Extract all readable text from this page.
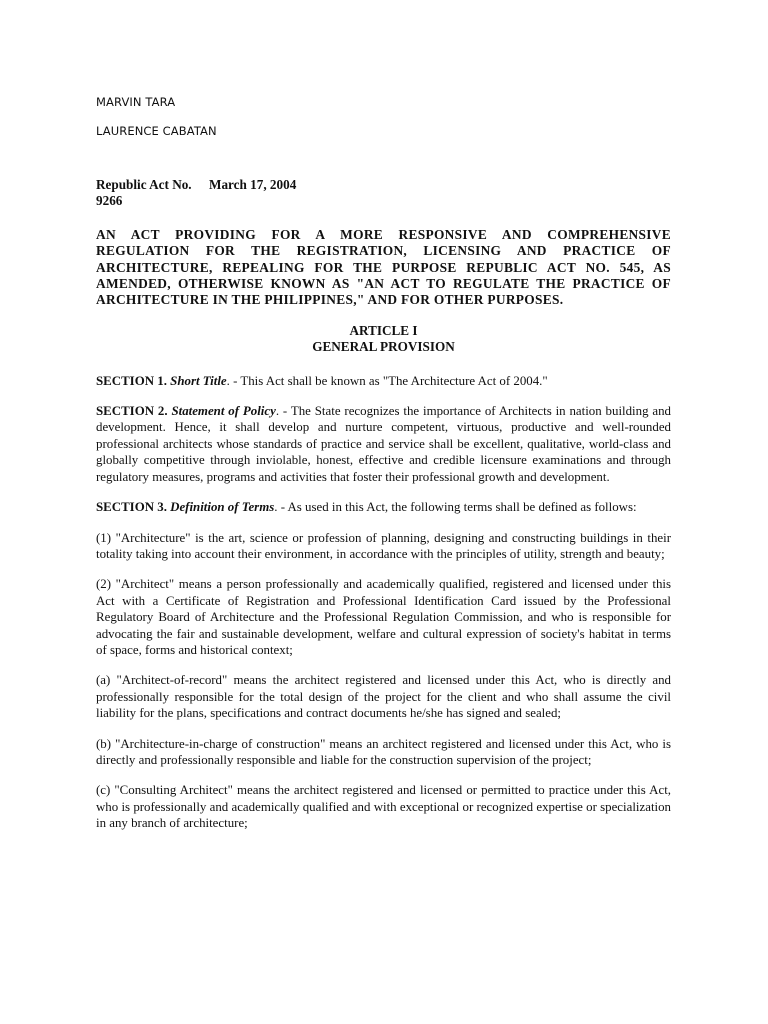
MARVIN TARA
LAURENCE CABATAN
Republic Act No. 9266
March 17, 2004
AN ACT PROVIDING FOR A MORE RESPONSIVE AND COMPREHENSIVE REGULATION FOR THE REGISTRATION, LICENSING AND PRACTICE OF ARCHITECTURE, REPEALING FOR THE PURPOSE REPUBLIC ACT NO. 545, AS AMENDED, OTHERWISE KNOWN AS "AN ACT TO REGULATE THE PRACTICE OF ARCHITECTURE IN THE PHILIPPINES," AND FOR OTHER PURPOSES.
ARTICLE I
GENERAL PROVISION

SECTION 1. Short Title. - This Act shall be known as "The Architecture Act of 2004."

SECTION 2. Statement of Policy. - The State recognizes the importance of Architects in nation building and development. Hence, it shall develop and nurture competent, virtuous, productive and well-rounded professional architects whose standards of practice and service shall be excellent, qualitative, world-class and globally competitive through inviolable, honest, effective and credible licensure examinations and through regulatory measures, programs and activities that foster their professional growth and development.

SECTION 3. Definition of Terms. - As used in this Act, the following terms shall be defined as follows:

(1) "Architecture" is the art, science or profession of planning, designing and constructing buildings in their totality taking into account their environment, in accordance with the principles of utility, strength and beauty;

(2) "Architect" means a person professionally and academically qualified, registered and licensed under this Act with a Certificate of Registration and Professional Identification Card issued by the Professional Regulatory Board of Architecture and the Professional Regulation Commission, and who is responsible for advocating the fair and sustainable development, welfare and cultural expression of society's habitat in terms of space, forms and historical context;

(a) "Architect-of-record" means the architect registered and licensed under this Act, who is directly and professionally responsible for the total design of the project for the client and who shall assume the civil liability for the plans, specifications and contract documents he/she has signed and sealed;

(b) "Architecture-in-charge of construction" means an architect registered and licensed under this Act, who is directly and professionally responsible and liable for the construction supervision of the project;

(c) "Consulting Architect" means the architect registered and licensed or permitted to practice under this Act, who is professionally and academically qualified and with exceptional or recognized expertise or specialization in any branch of architecture;
